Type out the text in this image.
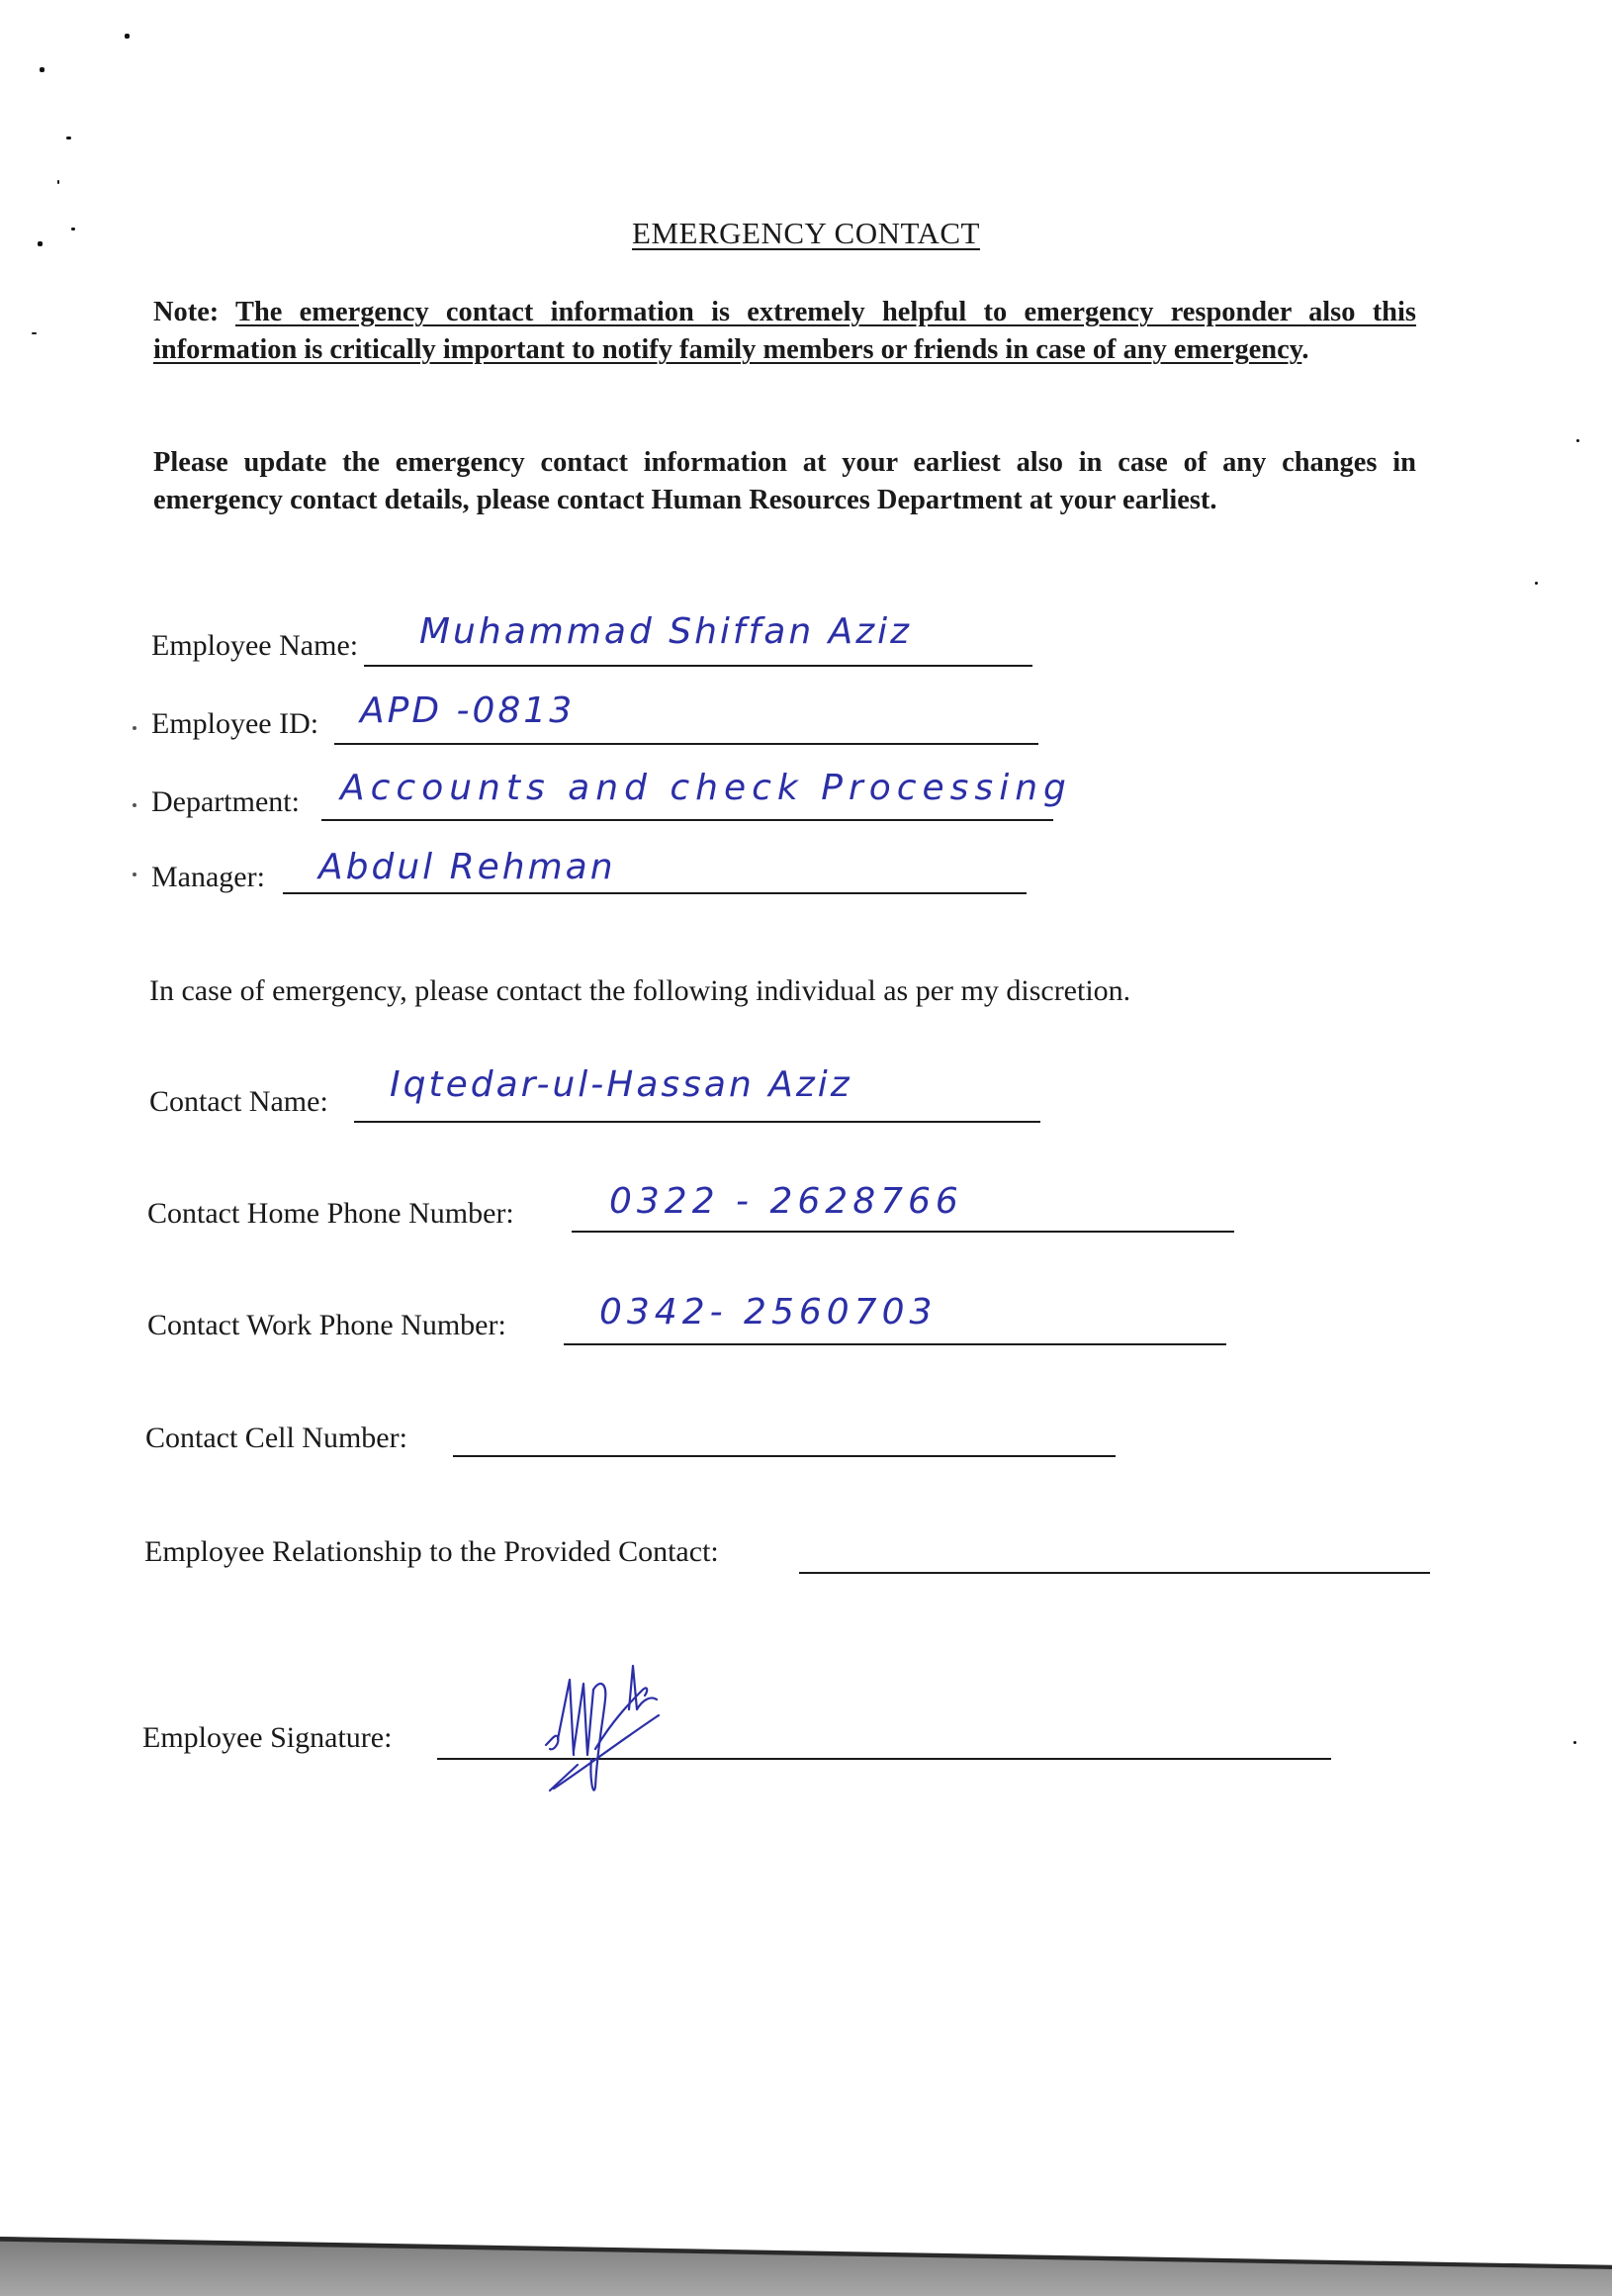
EMERGENCY CONTACT
Note: The emergency contact information is extremely helpful to emergency responder also this information is critically important to notify family members or friends in case of any emergency.
Please update the emergency contact information at your earliest also in case of any changes in emergency contact details, please contact Human Resources Department at your earliest.
Employee Name: Muhammad Shiffan Aziz
Employee ID: APD -0813
Department: Accounts and check Processing
Manager: Abdul Rehman
In case of emergency, please contact the following individual as per my discretion.
Contact Name: Iqtedar-ul-Hassan Aziz
Contact Home Phone Number:	0322 - 2628766
Contact Work Phone Number:	0342- 2560703
Contact Cell Number:
Employee Relationship to the Provided Contact:
Employee Signature:
